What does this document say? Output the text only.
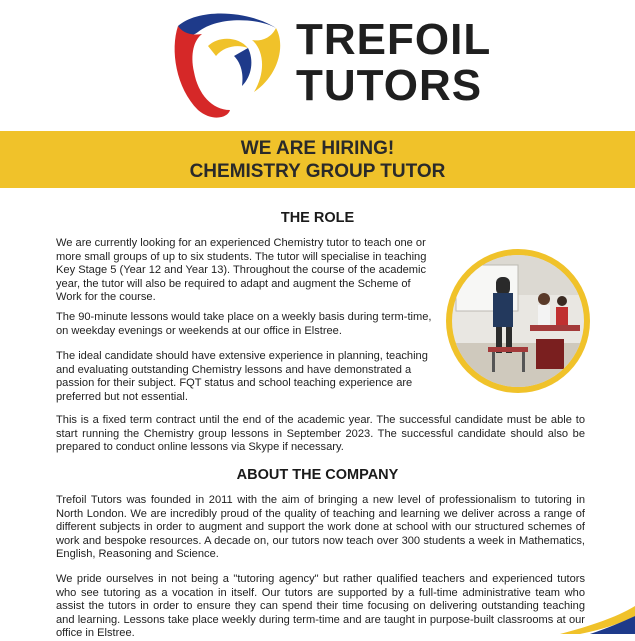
TREFOIL
TUTORS
WE ARE HIRING!
CHEMISTRY GROUP TUTOR
THE ROLE

We are currently looking for an experienced Chemistry tutor to teach one or more small groups of up to six students. The tutor will specialise in teaching Key Stage 5 (Year 12 and Year 13). Throughout the course of the academic year, the tutor will also be required to adapt and augment the Scheme of Work for the course.

The 90-minute lessons would take place on a weekly basis during term-time, on weekday evenings or weekends at our office in Elstree.

The ideal candidate should have extensive experience in planning, teaching and evaluating outstanding Chemistry lessons and have demonstrated a passion for their subject. FQT status and school teaching experience are preferred but not essential.

This is a fixed term contract until the end of the academic year. The successful candidate must be able to start running the Chemistry group lessons in September 2023. The successful candidate should also be prepared to conduct online lessons via Skype if necessary.

ABOUT THE COMPANY

Trefoil Tutors was founded in 2011 with the aim of bringing a new level of professionalism to tutoring in North London. We are incredibly proud of the quality of teaching and learning we deliver across a range of different subjects in order to augment and support the work done at school with our structured schemes of work and bespoke resources. A decade on, our tutors now teach over 300 students a week in Mathematics, English, Reasoning and Science.

We pride ourselves in not being a "tutoring agency" but rather qualified teachers and experienced tutors who see tutoring as a vocation in itself. Our tutors are supported by a full-time administrative team who assist the tutors in order to ensure they can spend their time focusing on delivering outstanding teaching and learning. Lessons take place weekly during term-time and are taught in purpose-built classrooms at our office in Elstree.
